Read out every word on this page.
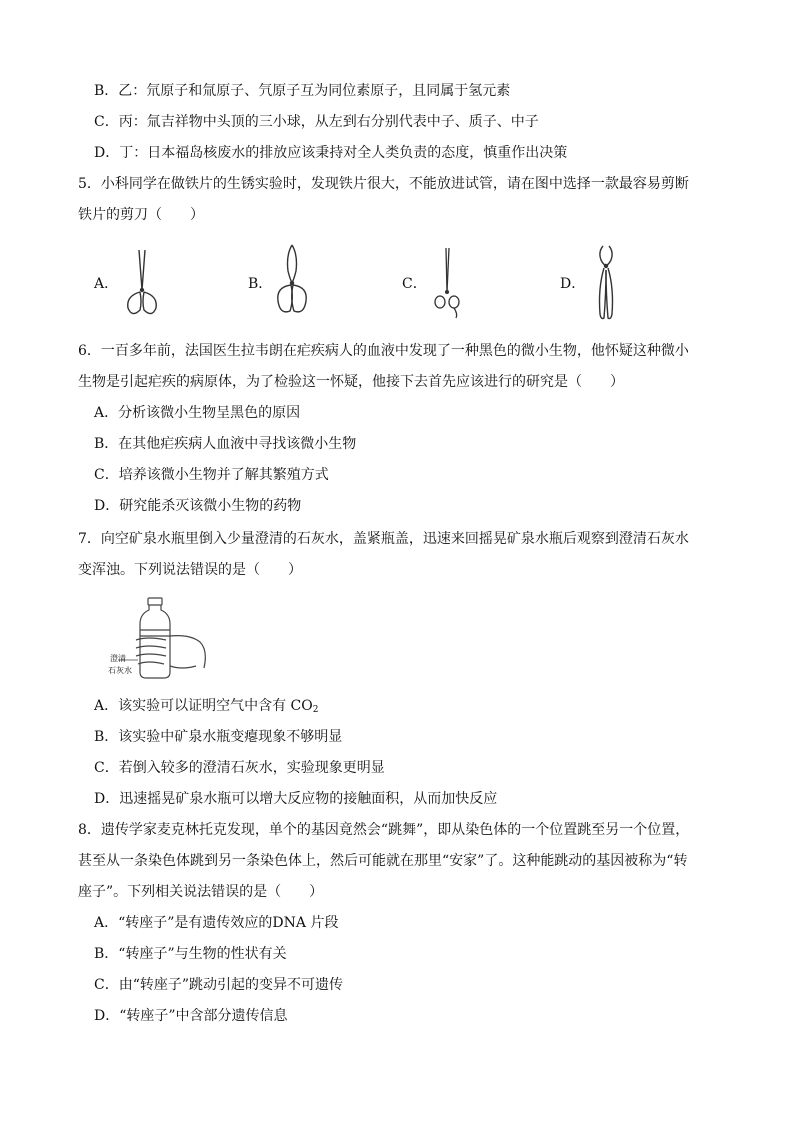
B．乙：氘原子和氚原子、氕原子互为同位素原子，且同属于氢元素
C．丙：氚吉祥物中头顶的三小球，从左到右分别代表中子、质子、中子
D．丁：日本福岛核废水的排放应该秉持对全人类负责的态度，慎重作出决策
5．小科同学在做铁片的生锈实验时，发现铁片很大，不能放进试管，请在图中选择一款最容易剪断
铁片的剪刀（　　）
A．	B．	C．	D．
6．一百多年前，法国医生拉韦朗在疟疾病人的血液中发现了一种黑色的微小生物，他怀疑这种微小
生物是引起疟疾的病原体，为了检验这一怀疑，他接下去首先应该进行的研究是（　　）
A．分析该微小生物呈黑色的原因
B．在其他疟疾病人血液中寻找该微小生物
C．培养该微小生物并了解其繁殖方式
D．研究能杀灭该微小生物的药物
7．向空矿泉水瓶里倒入少量澄清的石灰水，盖紧瓶盖，迅速来回摇晃矿泉水瓶后观察到澄清石灰水
变浑浊。下列说法错误的是（　　）
澄清
石灰水
A．该实验可以证明空气中含有 $CO_2$
B．该实验中矿泉水瓶变瘪现象不够明显
C．若倒入较多的澄清石灰水，实验现象更明显
D．迅速摇晃矿泉水瓶可以增大反应物的接触面积，从而加快反应
8．遗传学家麦克林托克发现，单个的基因竟然会“跳舞”，即从染色体的一个位置跳至另一个位置，
甚至从一条染色体跳到另一条染色体上，然后可能就在那里“安家”了。这种能跳动的基因被称为“转
座子”。下列相关说法错误的是（　　）
A．“转座子”是有遗传效应的DNA 片段
B．“转座子”与生物的性状有关
C．由“转座子”跳动引起的变异不可遗传
D．“转座子”中含部分遗传信息
